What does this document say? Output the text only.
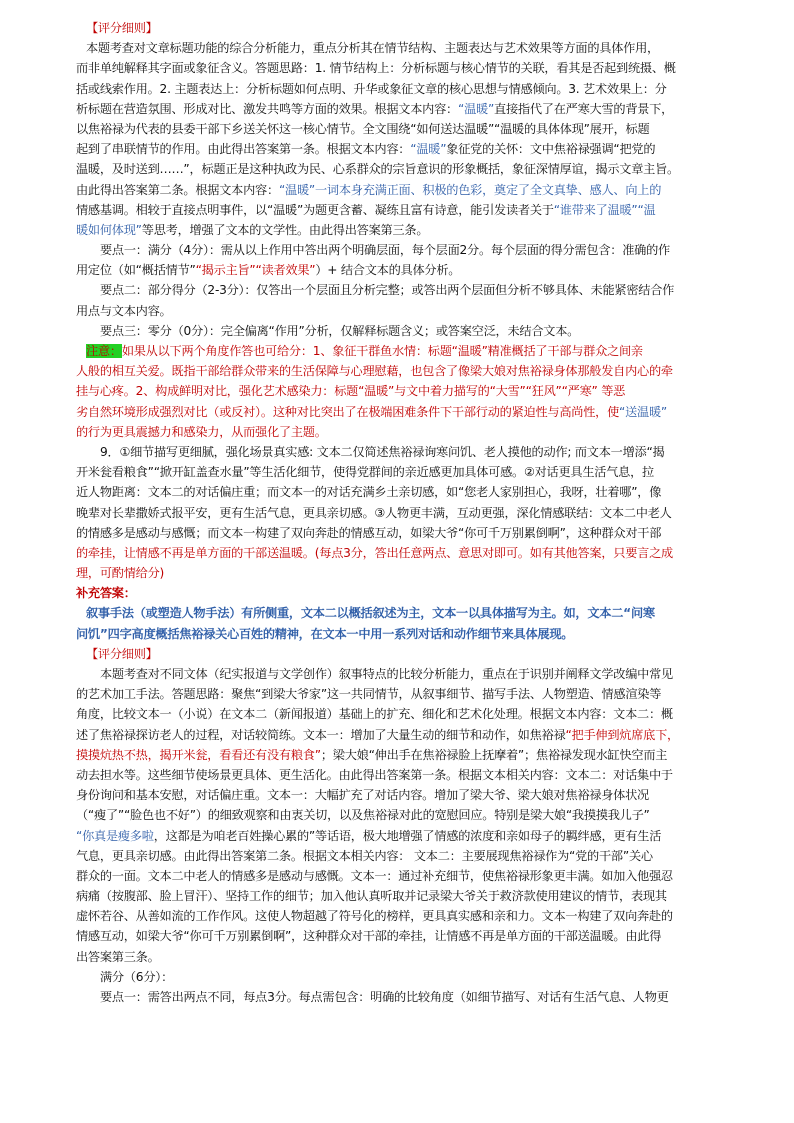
【评分细则】
本题考查对文章标题功能的综合分析能力，重点分析其在情节结构、主题表达与艺术效果等方面的具体作用，
而非单纯解释其字面或象征含义。答题思路：1. 情节结构上：分析标题与核心情节的关联，看其是否起到统摄、概
括或线索作用。2. 主题表达上：分析标题如何点明、升华或象征文章的核心思想与情感倾向。3. 艺术效果上：分
析标题在营造氛围、形成对比、激发共鸣等方面的效果。根据文本内容：“温暖”直接指代了在严寒大雪的背景下，
以焦裕禄为代表的县委干部下乡送关怀这一核心情节。全文围绕“如何送达温暖”“温暖的具体体现”展开，标题
起到了串联情节的作用。由此得出答案第一条。根据文本内容：“温暖”象征党的关怀：文中焦裕禄强调“把党的
温暖，及时送到……”，标题正是这种执政为民、心系群众的宗旨意识的形象概括，象征深情厚谊，揭示文章主旨。
由此得出答案第二条。根据文本内容：“温暖”一词本身充满正面、积极的色彩，奠定了全文真挚、感人、向上的
情感基调。相较于直接点明事件，以“温暖”为题更含蓄、凝练且富有诗意，能引发读者关于“谁带来了温暖”“温
暖如何体现”等思考，增强了文本的文学性。由此得出答案第三条。
要点一：满分（4分）：需从以上作用中答出两个明确层面，每个层面2分。每个层面的得分需包含：准确的作
用定位（如“概括情节”“揭示主旨”“读者效果”）+ 结合文本的具体分析。
要点二：部分得分（2-3分）：仅答出一个层面且分析完整；或答出两个层面但分析不够具体、未能紧密结合作
用点与文本内容。
要点三：零分（0分）：完全偏离“作用”分析，仅解释标题含义；或答案空泛，未结合文本。
注意：如果从以下两个角度作答也可给分：1、象征干群鱼水情：标题“温暖”精准概括了干部与群众之间亲
人般的相互关爱。既指干部给群众带来的生活保障与心理慰藉，也包含了像梁大娘对焦裕禄身体那般发自内心的牵
挂与心疼。2、构成鲜明对比，强化艺术感染力：标题“温暖”与文中着力描写的“大雪”“狂风”“严寒” 等恶
劣自然环境形成强烈对比（或反衬）。这种对比突出了在极端困难条件下干部行动的紧迫性与高尚性，使“送温暖”
的行为更具震撼力和感染力，从而强化了主题。
9．①细节描写更细腻，强化场景真实感: 文本二仅简述焦裕禄询寒问饥、老人摸他的动作; 而文本一增添“揭
开米瓮看粮食”“掀开缸盖查水量”等生活化细节，使得党群间的亲近感更加具体可感。②对话更具生活气息，拉
近人物距离：文本二的对话偏庄重；而文本一的对话充满乡土亲切感，如“您老人家别担心，我呀，壮着哪”，像
晚辈对长辈撒娇式报平安，更有生活气息，更具亲切感。③人物更丰满，互动更强，深化情感联结：文本二中老人
的情感多是感动与感慨；而文本一构建了双向奔赴的情感互动，如梁大爷“你可千万别累倒啊”，这种群众对干部
的牵挂，让情感不再是单方面的干部送温暖。(每点3分，答出任意两点、意思对即可。如有其他答案，只要言之成
理，可酌情给分)
补充答案：
叙事手法（或塑造人物手法）有所侧重，文本二以概括叙述为主，文本一以具体描写为主。如，文本二“问寒
问饥”四字高度概括焦裕禄关心百姓的精神，在文本一中用一系列对话和动作细节来具体展现。
【评分细则】
本题考查对不同文体（纪实报道与文学创作）叙事特点的比较分析能力，重点在于识别并阐释文学改编中常见
的艺术加工手法。答题思路：聚焦“到梁大爷家”这一共同情节，从叙事细节、描写手法、人物塑造、情感渲染等
角度，比较文本一（小说）在文本二（新闻报道）基础上的扩充、细化和艺术化处理。根据文本内容：文本二：概
述了焦裕禄探访老人的过程，对话较简练。文本一：增加了大量生动的细节和动作，如焦裕禄“把手伸到炕席底下，
摸摸炕热不热，揭开米瓮，看看还有没有粮食”；梁大娘“伸出手在焦裕禄脸上抚摩着”；焦裕禄发现水缸快空而主
动去担水等。这些细节使场景更具体、更生活化。由此得出答案第一条。根据文本相关内容：文本二：对话集中于
身份询问和基本安慰，对话偏庄重。文本一：大幅扩充了对话内容。增加了梁大爷、梁大娘对焦裕禄身体状况
（“瘦了”“脸色也不好”）的细致观察和由衷关切，以及焦裕禄对此的宽慰回应。特别是梁大娘“我摸摸我儿子”
“你真是瘦多啦，这都是为咱老百姓操心累的”等话语，极大地增强了情感的浓度和亲如母子的羁绊感，更有生活
气息，更具亲切感。由此得出答案第二条。根据文本相关内容： 文本二：主要展现焦裕禄作为“党的干部”关心
群众的一面。文本二中老人的情感多是感动与感慨。文本一：通过补充细节，使焦裕禄形象更丰满。如加入他强忍
病痛（按腹部、脸上冒汗）、坚持工作的细节；加入他认真听取并记录梁大爷关于救济款使用建议的情节，表现其
虚怀若谷、从善如流的工作作风。这使人物超越了符号化的榜样，更具真实感和亲和力。文本一构建了双向奔赴的
情感互动，如梁大爷“你可千万别累倒啊”，这种群众对干部的牵挂，让情感不再是单方面的干部送温暖。由此得
出答案第三条。
满分（6分）：
要点一：需答出两点不同，每点3分。每点需包含：明确的比较角度（如细节描写、对话有生活气息、人物更
